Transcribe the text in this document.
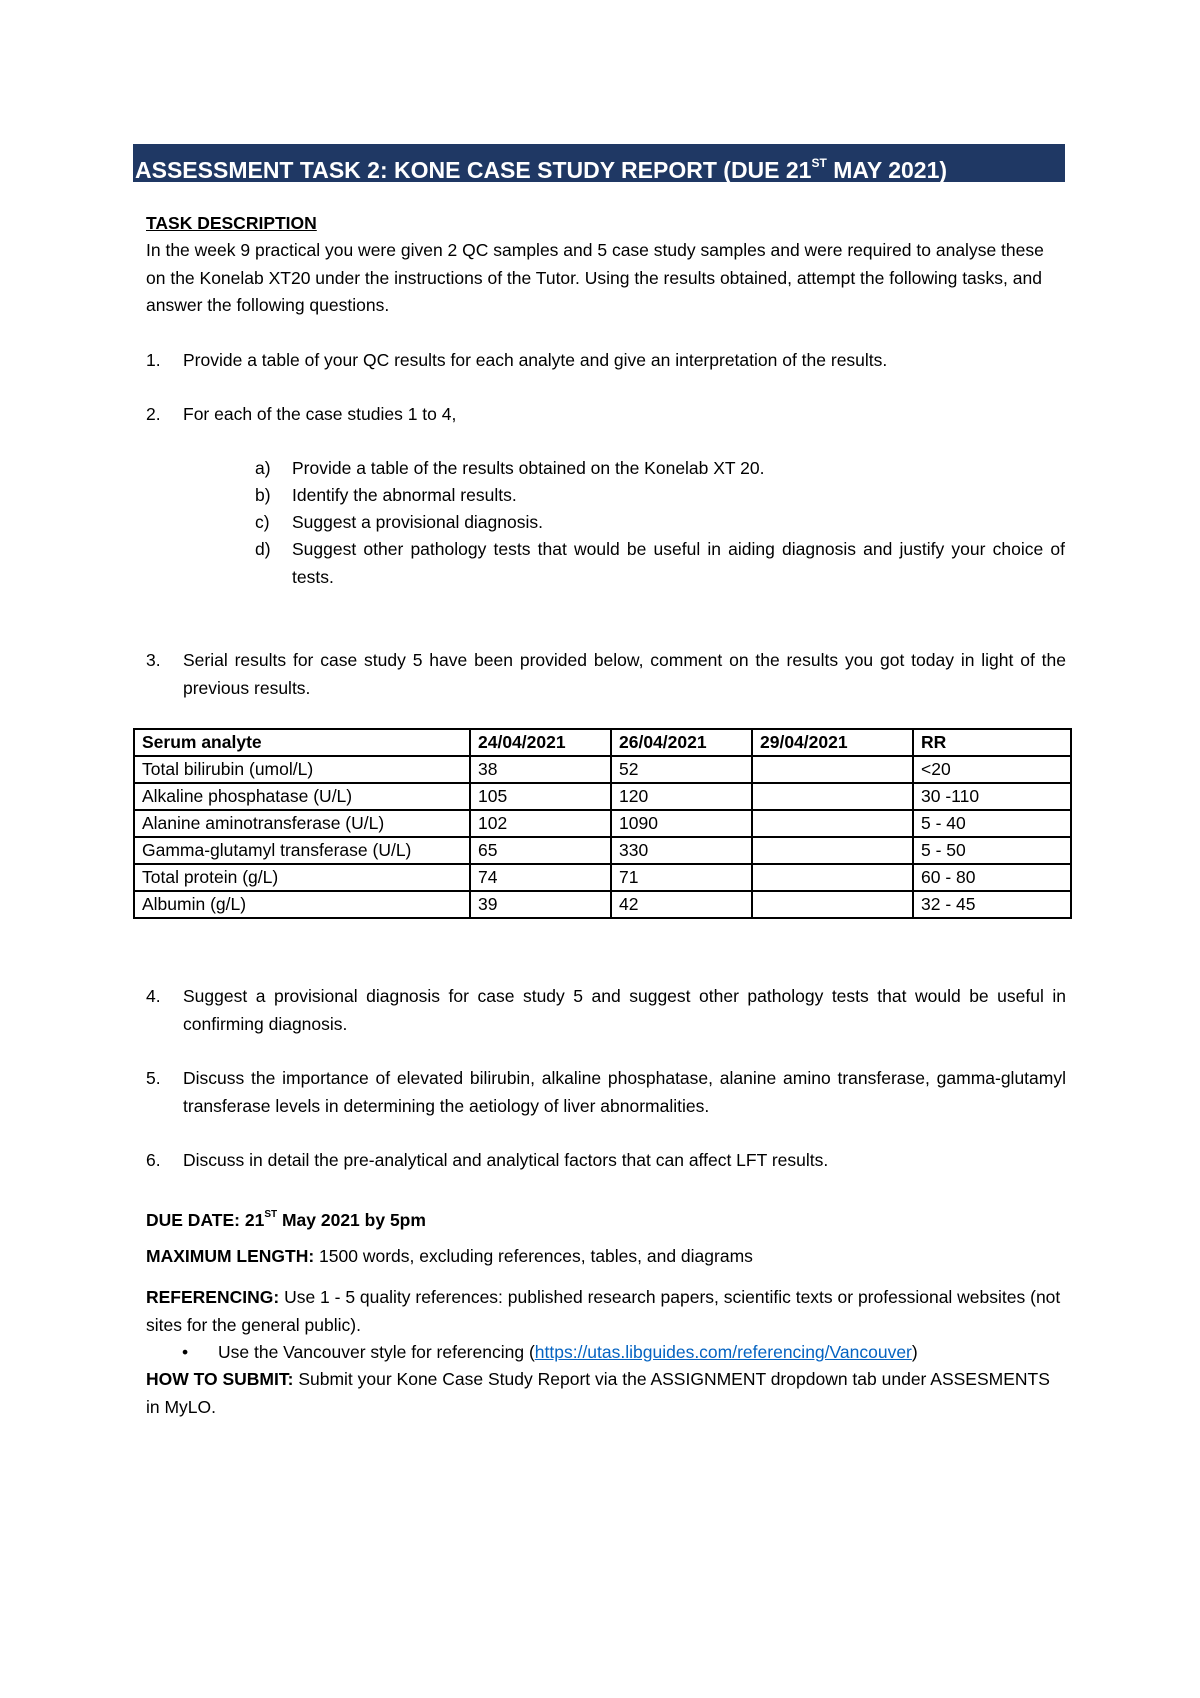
ASSESSMENT TASK 2: KONE CASE STUDY REPORT (DUE 21ST MAY 2021)
TASK DESCRIPTION
In the week 9 practical you were given 2 QC samples and 5 case study samples and were required to analyse these on the Konelab XT20 under the instructions of the Tutor. Using the results obtained, attempt the following tasks, and answer the following questions.
1. Provide a table of your QC results for each analyte and give an interpretation of the results.
2. For each of the case studies 1 to 4,
a) Provide a table of the results obtained on the Konelab XT 20.
b) Identify the abnormal results.
c) Suggest a provisional diagnosis.
d) Suggest other pathology tests that would be useful in aiding diagnosis and justify your choice of tests.
3. Serial results for case study 5 have been provided below, comment on the results you got today in light of the previous results.
Serum analyte	24/04/2021	26/04/2021	29/04/2021	RR
Total bilirubin (umol/L)	38	52		<20
Alkaline phosphatase (U/L)	105	120		30 -110
Alanine aminotransferase (U/L)	102	1090		5 - 40
Gamma-glutamyl transferase (U/L)	65	330		5 - 50
Total protein (g/L)	74	71		60 - 80
Albumin (g/L)	39	42		32 - 45
4. Suggest a provisional diagnosis for case study 5 and suggest other pathology tests that would be useful in confirming diagnosis.
5. Discuss the importance of elevated bilirubin, alkaline phosphatase, alanine amino transferase, gamma-glutamyl transferase levels in determining the aetiology of liver abnormalities.
6. Discuss in detail the pre-analytical and analytical factors that can affect LFT results.
DUE DATE: 21ST May 2021 by 5pm
MAXIMUM LENGTH: 1500 words, excluding references, tables, and diagrams
REFERENCING: Use 1 - 5 quality references: published research papers, scientific texts or professional websites (not sites for the general public).
• Use the Vancouver style for referencing (https://utas.libguides.com/referencing/Vancouver)
HOW TO SUBMIT: Submit your Kone Case Study Report via the ASSIGNMENT dropdown tab under ASSESMENTS in MyLO.
